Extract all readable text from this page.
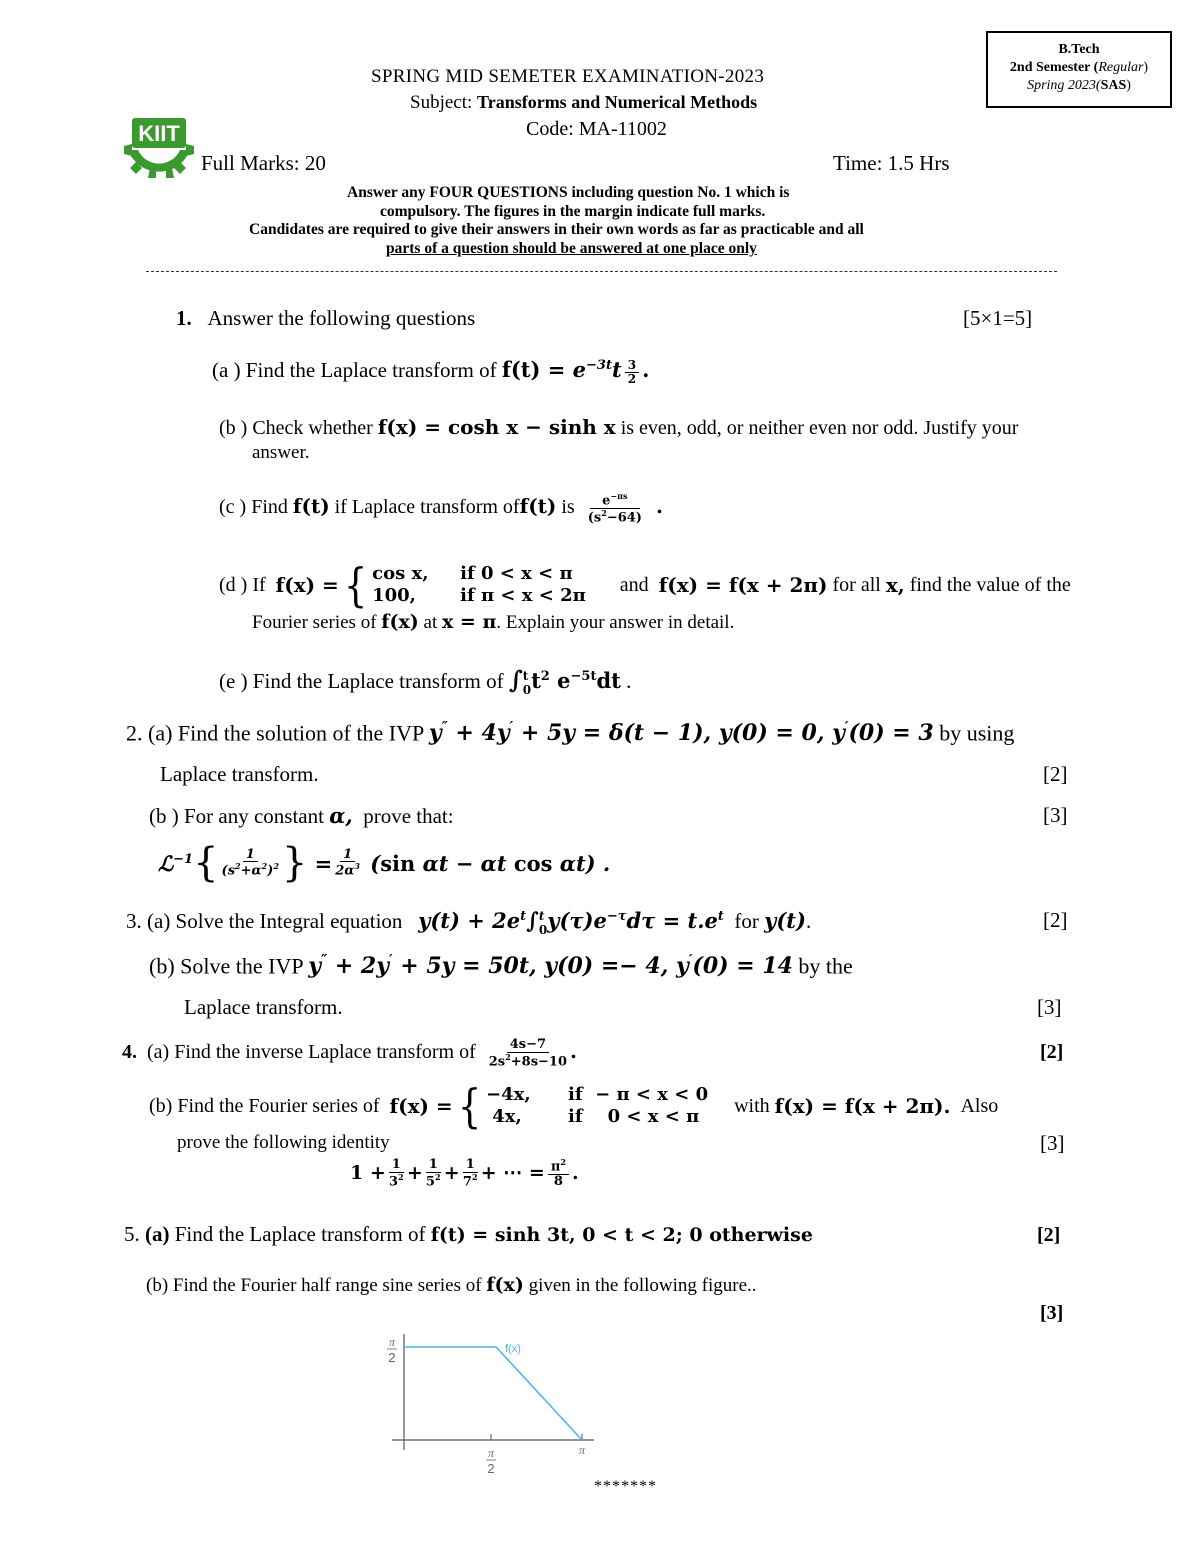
B.Tech
2nd Semester (Regular)
Spring 2023(SAS)
SPRING MID SEMETER EXAMINATION-2023
Subject: Transforms and Numerical Methods
Code: MA-11002
KIIT
Full Marks: 20	Time: 1.5 Hrs
Answer any FOUR QUESTIONS including question No. 1 which is
compulsory. The figures in the margin indicate full marks.
Candidates are required to give their answers in their own words as far as practicable and all
parts of a question should be answered at one place only
1. Answer the following questions	[5×1=5]
(a ) Find the Laplace transform of $f(t) = e^{-3t}t \frac{3}{2}$ .
(b ) Check whether f(x) = cosh x − sinh x is even, odd, or neither even nor odd. Justify your
answer.
(c ) Find f(t) if Laplace transform off(t) is $\frac{e^{-\pi s}}{(s^2-64)}$ .
(d ) If
f(x) = { cos x,	if 0 < x < π
100,	if π < x < 2π and
f(x) = f(x + 2π)
for all
x,
find the value of the
Fourier series of f(x) at x = π. Explain your answer in detail.
(e ) Find the Laplace transform of ∫ t
0 $t^2$ $e^{-5t}dt$ .
2. (a) Find the solution of the IVP y″ + 4y′ + 5y = δ(t − 1), y(0) = 0, y′(0) = 3 by using
Laplace transform.	[2]
(b ) For any constant α, prove that:	[3]
ℒ$^{-1}$ { $\frac{1}{(s^2+\alpha^2)^2}$ } = $\frac{1}{2\alpha^3} (\sin$ αt − αt cos αt) .
3. (a) Solve the Integral equation $y(t) + 2e^t\int$ t
0 $y(\tau)e^{-\tau}d\tau = t.e^t$ for y(t).	[2]
(b) Solve the IVP y″ + 2y′ + 5y = 50t, y(0) =− 4, y′(0) = 14 by the
Laplace transform.	[3]
4. (a) Find the inverse Laplace transform of $\frac{4s-7}{2s^2+8s-10}$ .	[2]
(b) Find the Fourier series of
f(x) = { −4x,	if  − π < x < 0
4x,	if    0 < x < π with
f(x) = f(x + 2π).
Also
prove the following identity	[3]
$1 + \frac{1}{3^2} + \frac{1}{5^2} + \frac{1}{7^2}$ + ⋯ = $\frac{\pi^2}{8}$ .
5. (a) Find the Laplace transform of f(t) = sinh 3t, 0 < t < 2; 0 otherwise	[2]
(b) Find the Fourier half range sine series of f(x) given in the following figure..
[3]
f(x)
π
2
π
2
π
*******
